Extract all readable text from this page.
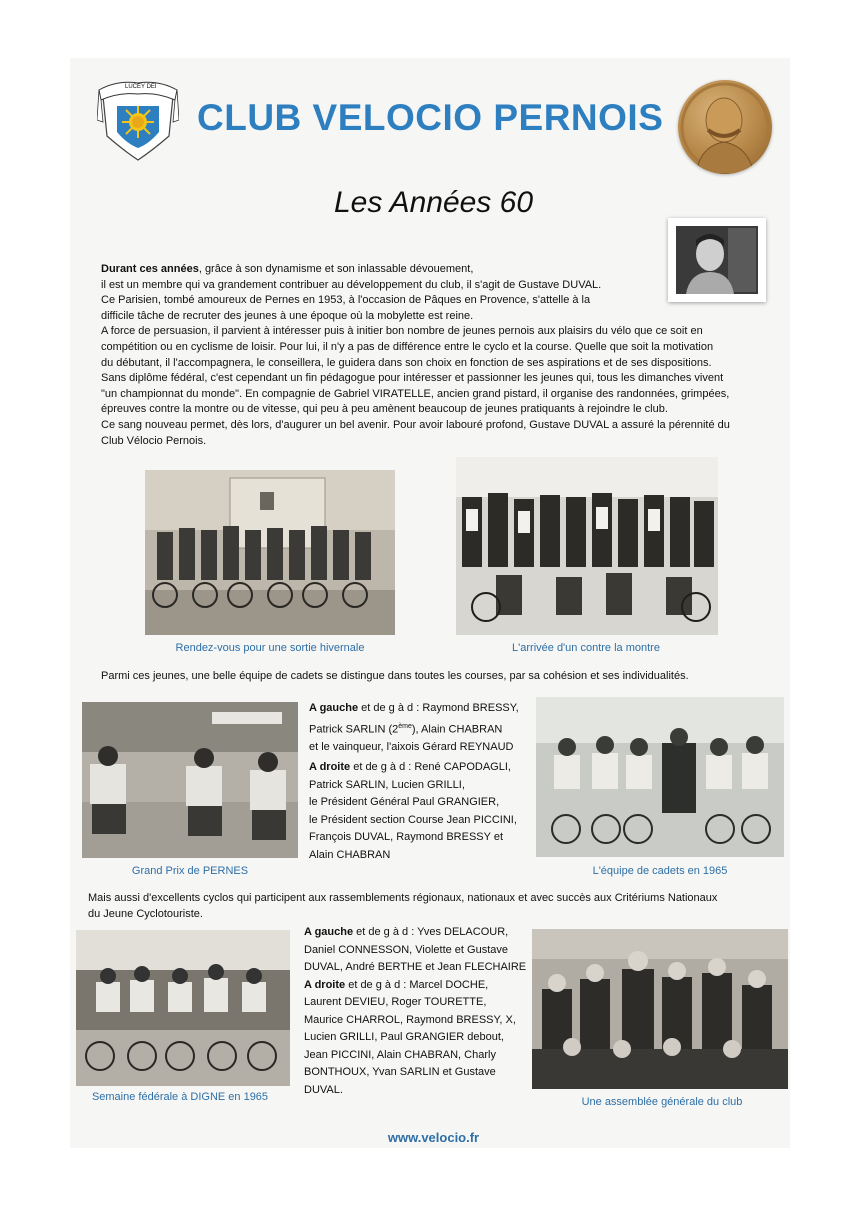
LUCEY DEI
CLUB VELOCIO PERNOIS
Les Années 60
Durant ces années, grâce à son dynamisme et son inlassable dévouement,
il est un membre qui va grandement contribuer au développement du club, il s'agit de Gustave DUVAL.
Ce Parisien, tombé amoureux de Pernes en 1953, à l'occasion de Pâques en Provence, s'attelle à la
difficile tâche de recruter des jeunes à une époque où la mobylette est reine.
A force de persuasion, il parvient à intéresser puis à initier bon nombre de jeunes pernois aux plaisirs du vélo que ce soit en
compétition ou en cyclisme de loisir. Pour lui, il n'y a pas de différence entre le cyclo et la course. Quelle que soit la motivation
du débutant, il l'accompagnera, le conseillera, le guidera dans son choix en fonction de ses aspirations et de ses dispositions.
Sans diplôme fédéral, c'est cependant un fin pédagogue pour intéresser et passionner les jeunes qui, tous les dimanches vivent
"un championnat du monde". En compagnie de Gabriel VIRATELLE, ancien grand pistard, il organise des randonnées, grimpées,
épreuves contre la montre ou de vitesse, qui peu à peu amènent beaucoup de jeunes pratiquants à rejoindre le club.
Ce sang nouveau permet, dès lors, d'augurer un bel avenir. Pour avoir labouré profond, Gustave DUVAL a assuré la pérennité du
Club Vélocio Pernois.
Rendez-vous pour une sortie hivernale	L'arrivée d'un contre la montre
Parmi ces jeunes, une belle équipe de cadets se distingue dans toutes les courses, par sa cohésion et ses individualités.
Grand Prix de PERNES
A gauche et de g à d : Raymond BRESSY,
Patrick SARLIN (2ème), Alain CHABRAN
et le vainqueur, l'aixois Gérard REYNAUD
A droite et de g à d : René CAPODAGLI,
Patrick SARLIN, Lucien GRILLI,
le Président Général Paul GRANGIER,
le Président section Course Jean PICCINI,
François DUVAL, Raymond BRESSY et
Alain CHABRAN
L'équipe de cadets en 1965
Mais aussi d'excellents cyclos qui participent aux rassemblements régionaux, nationaux et avec succès aux Critériums Nationaux
du Jeune Cyclotouriste.
Semaine fédérale à DIGNE en 1965
A gauche et de g à d : Yves DELACOUR,
Daniel CONNESSON, Violette et Gustave
DUVAL, André BERTHE et Jean FLECHAIRE
A droite et de g à d : Marcel DOCHE,
Laurent DEVIEU, Roger TOURETTE,
Maurice CHARROL, Raymond BRESSY, X,
Lucien GRILLI, Paul GRANGIER debout,
Jean PICCINI, Alain CHABRAN, Charly
BONTHOUX, Yvan SARLIN et Gustave
DUVAL.
Une assemblée générale du club
www.velocio.fr
